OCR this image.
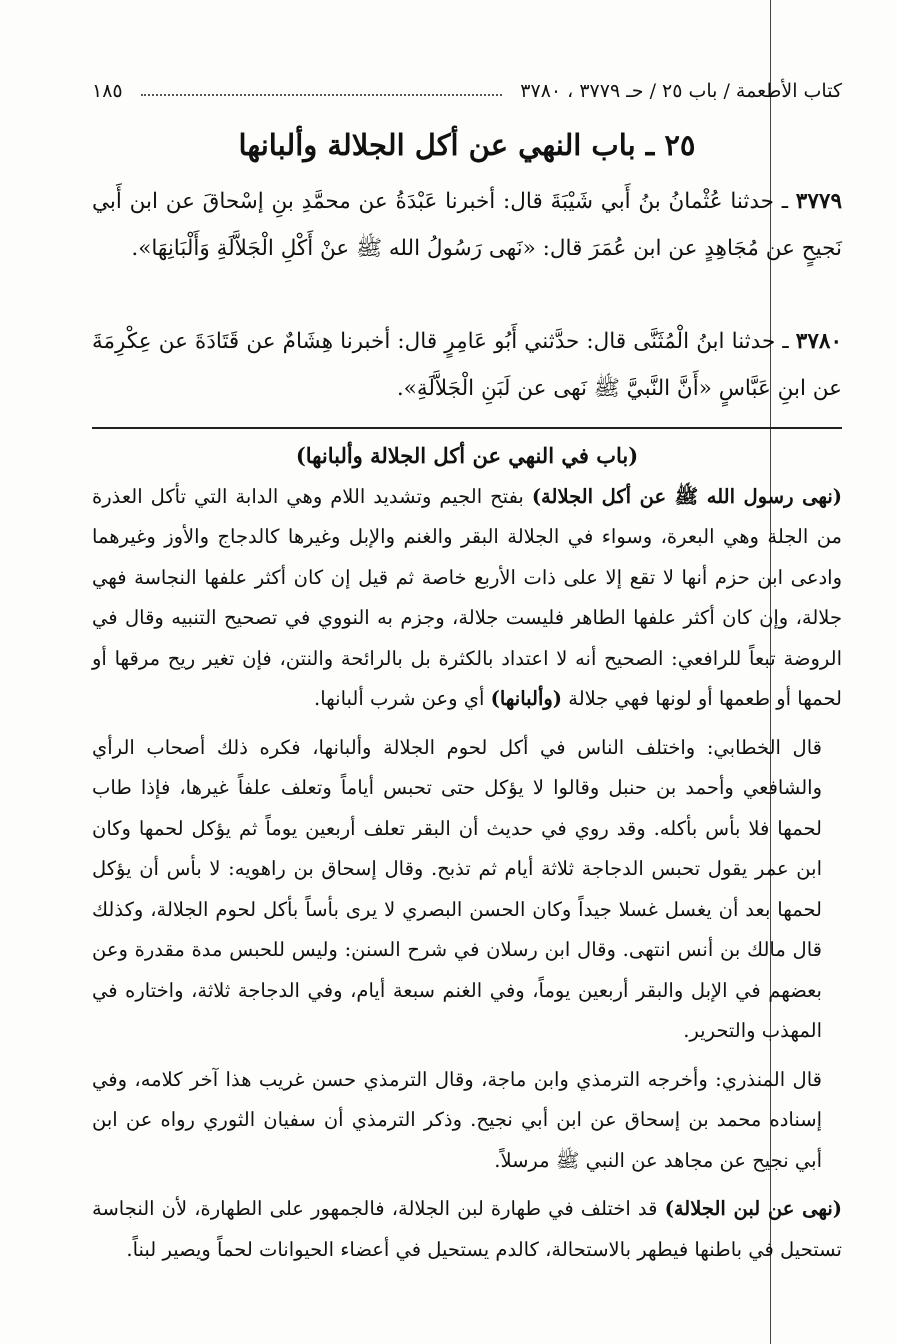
كتاب الأطعمة / باب ٢٥ / حـ ٣٧٧٩ ، ٣٧٨٠
١٨٥
٢٥ ـ باب النهي عن أكل الجلالة وألبانها
٣٧٧٩ ـ حدثنا عُثْمانُ بنُ أَبي شَيْبَةَ قال: أخبرنا عَبْدَةُ عن محمَّدِ بنِ إسْحاقَ عن ابن أَبي نَجيحٍ عن مُجَاهِدٍ عن ابن عُمَرَ قال: «نَهى رَسُولُ الله ﷺ عنْ أَكْلِ الْجَلاَّلَةِ وَأَلْبَانِهَا».
٣٧٨٠ ـ حدثنا ابنُ الْمُثَنَّى قال: حدَّثني أَبُو عَامِرٍ قال: أخبرنا هِشَامٌ عن قَتَادَةَ عن عِكْرِمَةَ عن ابنِ عَبَّاسٍ «أَنَّ النَّبيَّ ﷺ نَهى عن لَبَنِ الْجَلاَّلَةِ».
(باب في النهي عن أكل الجلالة وألبانها)

(نهى رسول الله ﷺ عن أكل الجلالة) بفتح الجيم وتشديد اللام وهي الدابة التي تأكل العذرة من الجلة وهي البعرة، وسواء في الجلالة البقر والغنم والإبل وغيرها كالدجاج والأوز وغيرهما وادعى ابن حزم أنها لا تقع إلا على ذات الأربع خاصة ثم قيل إن كان أكثر علفها النجاسة فهي جلالة، وإن كان أكثر علفها الطاهر فليست جلالة، وجزم به النووي في تصحيح التنبيه وقال في الروضة تبعاً للرافعي: الصحيح أنه لا اعتداد بالكثرة بل بالرائحة والنتن، فإن تغير ريح مرقها أو لحمها أو طعمها أو لونها فهي جلالة (وألبانها) أي وعن شرب ألبانها.

قال الخطابي: واختلف الناس في أكل لحوم الجلالة وألبانها، فكره ذلك أصحاب الرأي والشافعي وأحمد بن حنبل وقالوا لا يؤكل حتى تحبس أياماً وتعلف علفاً غيرها، فإذا طاب لحمها فلا بأس بأكله. وقد روي في حديث أن البقر تعلف أربعين يوماً ثم يؤكل لحمها وكان ابن عمر يقول تحبس الدجاجة ثلاثة أيام ثم تذبح. وقال إسحاق بن راهويه: لا بأس أن يؤكل لحمها بعد أن يغسل غسلا جيداً وكان الحسن البصري لا يرى بأساً بأكل لحوم الجلالة، وكذلك قال مالك بن أنس انتهى. وقال ابن رسلان في شرح السنن: وليس للحبس مدة مقدرة وعن بعضهم في الإبل والبقر أربعين يوماً، وفي الغنم سبعة أيام، وفي الدجاجة ثلاثة، واختاره في المهذب والتحرير.

قال المنذري: وأخرجه الترمذي وابن ماجة، وقال الترمذي حسن غريب هذا آخر كلامه، وفي إسناده محمد بن إسحاق عن ابن أبي نجيح. وذكر الترمذي أن سفيان الثوري رواه عن ابن أبي نجيح عن مجاهد عن النبي ﷺ مرسلاً.

(نهى عن لبن الجلالة) قد اختلف في طهارة لبن الجلالة، فالجمهور على الطهارة، لأن النجاسة تستحيل في باطنها فيطهر بالاستحالة، كالدم يستحيل في أعضاء الحيوانات لحماً ويصير لبناً.
